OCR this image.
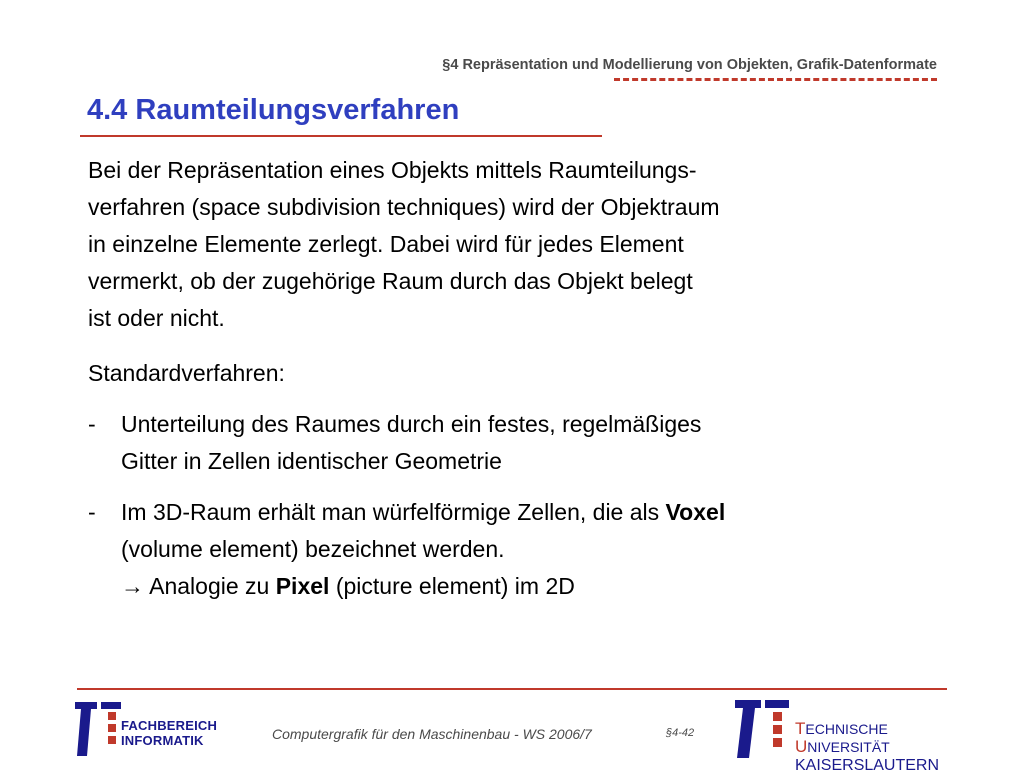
§4 Repräsentation und Modellierung von Objekten, Grafik-Datenformate
4.4 Raumteilungsverfahren

Bei der Repräsentation eines Objekts mittels Raumteilungs-
verfahren (space subdivision techniques) wird der Objektraum
in einzelne Elemente zerlegt. Dabei wird für jedes Element
vermerkt, ob der zugehörige Raum durch das Objekt belegt
ist oder nicht.

Standardverfahren:

- Unterteilung des Raumes durch ein festes, regelmäßiges
Gitter in Zellen identischer Geometrie
- Im 3D-Raum erhält man würfelförmige Zellen, die als Voxel
(volume element) bezeichnet werden.
→ Analogie zu Pixel (picture element) im 2D
FACHBEREICH
INFORMATIK	Computergrafik für den Maschinenbau - WS 2006/7	§4-42	TECHNISCHE UNIVERSITÄT
KAISERSLAUTERN
